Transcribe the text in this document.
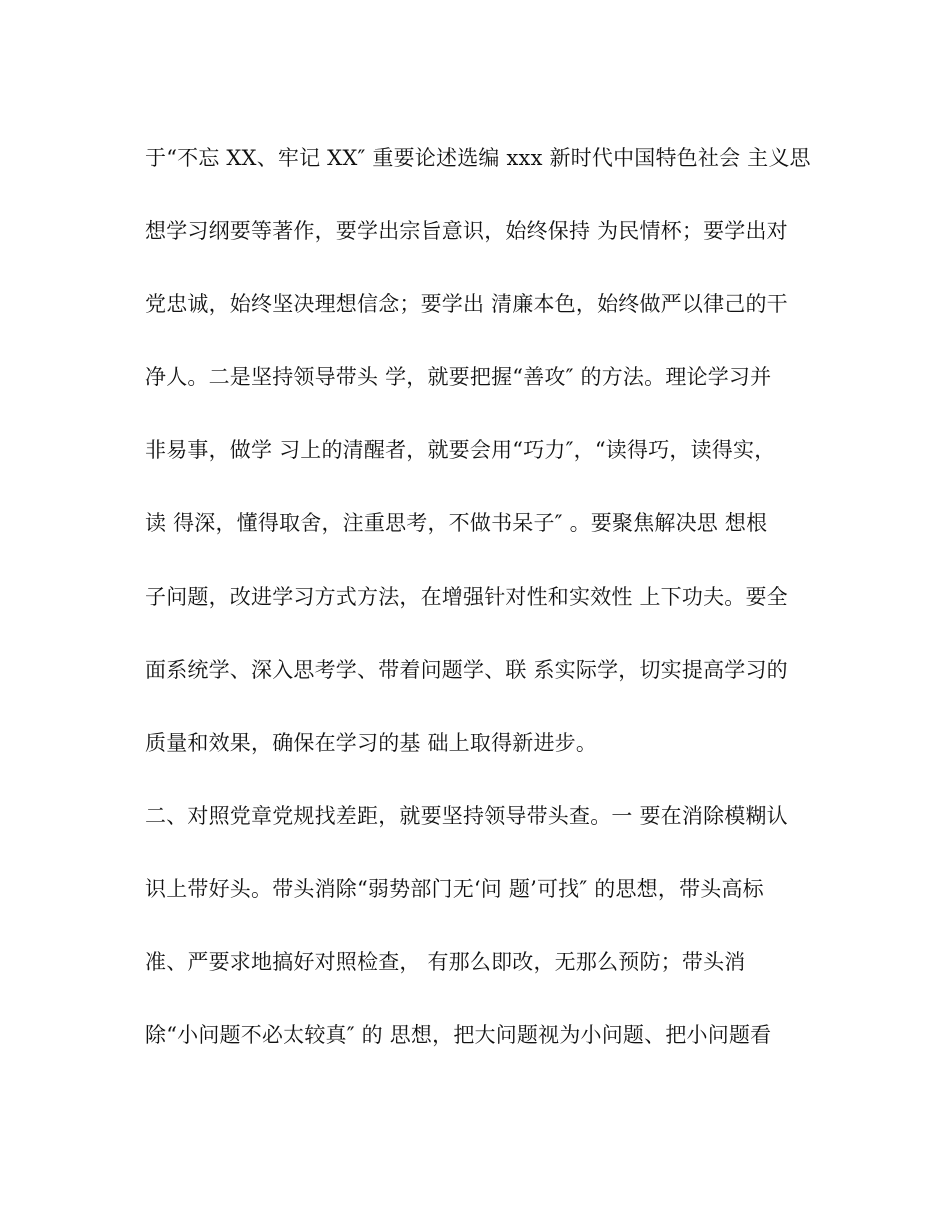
于“不忘 XX、牢记 XX″ 重要论述选编 xxx 新时代中国特色社会 主义思
想学习纲要等著作，要学出宗旨意识，始终保持 为民情杯；要学出对
党忠诚，始终坚决理想信念；要学出 清廉本色，始终做严以律己的干
净人。二是坚持领导带头 学，就要把握“善攻″ 的方法。理论学习并
非易事，做学 习上的清醒者，就要会用“巧力″，“读得巧，读得实，
读 得深，懂得取舍，注重思考，不做书呆子″ 。要聚焦解决思 想根
子问题，改进学习方式方法，在增强针对性和实效性 上下功夫。要全
面系统学、深入思考学、带着问题学、联 系实际学，切实提高学习的
质量和效果，确保在学习的基 础上取得新进步。
二、对照党章党规找差距，就要坚持领导带头查。一 要在消除模糊认
识上带好头。带头消除“弱势部门无‘问 题’可找″ 的思想，带头高标
准、严要求地搞好对照检查， 有那么即改，无那么预防；带头消
除“小问题不必太较真″ 的 思想，把大问题视为小问题、把小问题看
